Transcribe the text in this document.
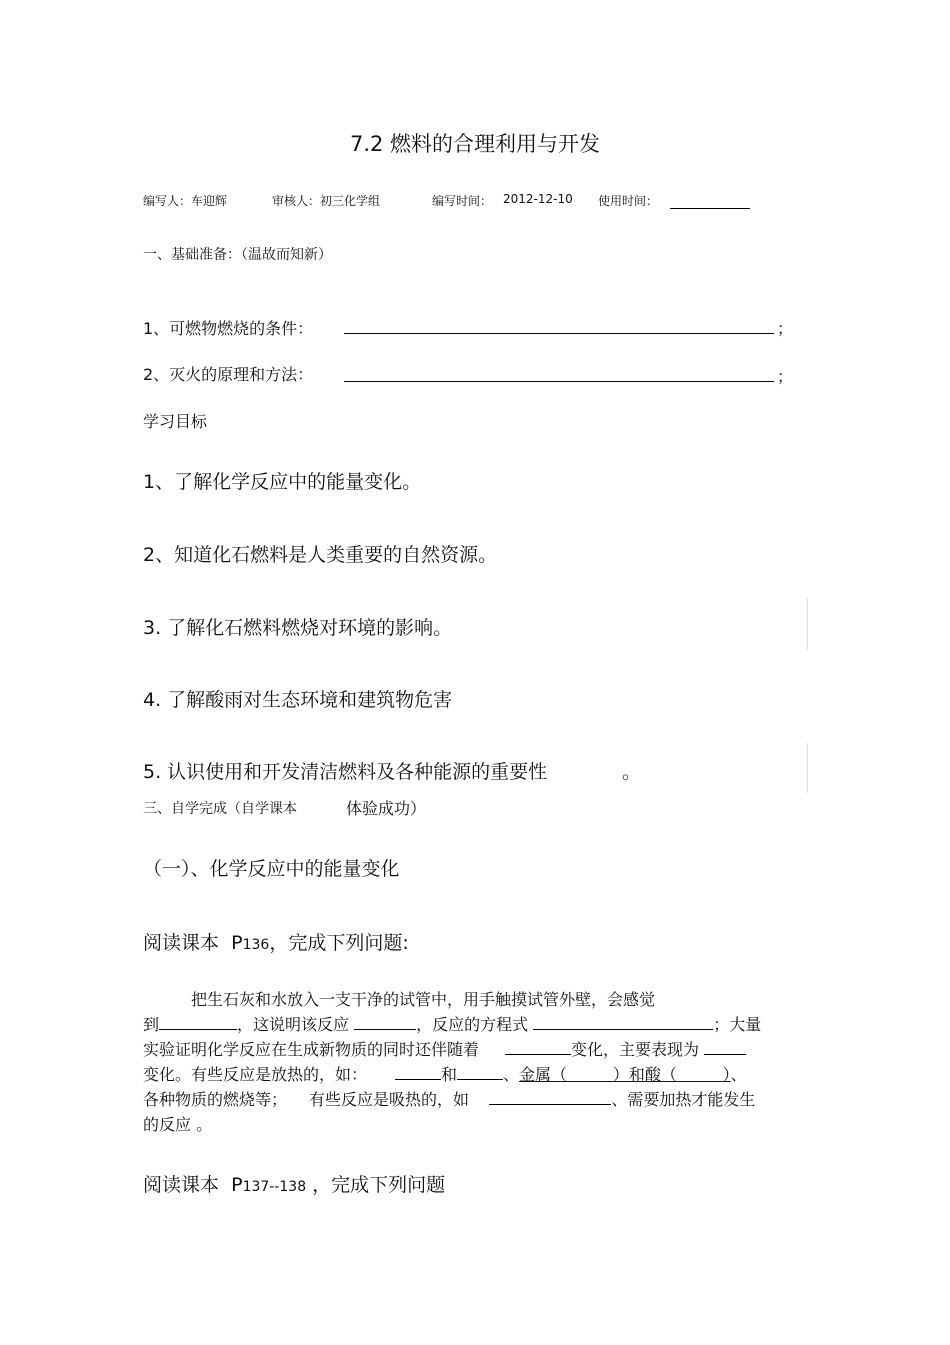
7.2 燃料的合理利用与开发
编写人：车迎辉	审核人：初三化学组	编写时间： 2012-12-10 使用时间：
一、基础准备：（温故而知新）
1、可燃物燃烧的条件：	；
2、灭火的原理和方法：	；
学习目标
1、了解化学反应中的能量变化。
2、知道化石燃料是人类重要的自然资源。
3. 了解化石燃料燃烧对环境的影响。
4. 了解酸雨对生态环境和建筑物危害
5. 认识使用和开发清洁燃料及各种能源的重要性	。
三、自学完成（自学课本	体验成功）
（一）、化学反应中的能量变化
阅读课本 P136，完成下列问题:
把生石灰和水放入一支干净的试管中，用手触摸试管外壁，会感觉
到	，这说明该反应	，反应的方程式	；大量
实验证明化学反应在生成新物质的同时还伴随着	变化，主要表现为
变化。有些反应是放热的，如：	和	、金属（	）和酸（	）、
各种物质的燃烧等； 有些反应是吸热的，如	、需要加热才能发生
的反应 。
阅读课本 P137--138 ，完成下列问题
